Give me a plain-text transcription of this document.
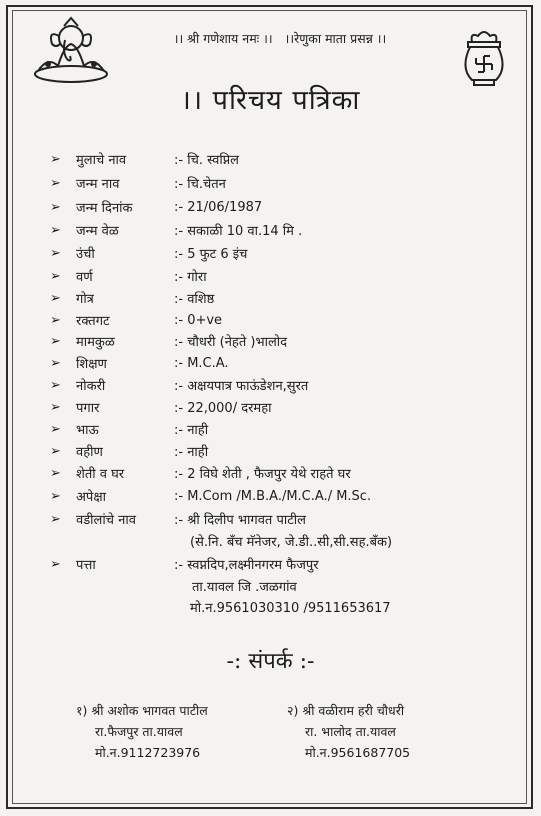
।। श्री गणेशाय नमः ।। ।।रेणुका माता प्रसन्न ।।
।। परिचय पत्रिका
➢	मुलाचे नाव	:- चि. स्वप्निल
➢	जन्म नाव	:- चि.चेतन
➢	जन्म दिनांक	:- 21/06/1987
➢	जन्म वेळ	:- सकाळी 10 वा.14 मि .
➢	उंची	:- 5 फुट 6 इंच
➢	वर्ण	:- गोरा
➢	गोत्र	:- वशिष्ठ
➢	रक्तगट	:- 0+ve
➢	मामकुळ	:- चौधरी (नेहते )भालोद
➢	शिक्षण	:- M.C.A.
➢	नोकरी	:- अक्षयपात्र फाऊंडेशन,सुरत
➢	पगार	:- 22,000/ दरमहा
➢	भाऊ	:- नाही
➢	वहीण	:- नाही
➢	शेती व घर	:- 2 विघे शेती , फैजपुर येथे राहते घर
➢	अपेक्षा	:- M.Com /M.B.A./M.C.A./ M.Sc.
➢	वडीलांचे नाव	:- श्री दिलीप भागवत पाटील
(से.नि. बँच मॅनेजर, जे.डी..सी,सी.सह.बँक)
➢	पत्ता	:- स्वप्नदिप,लक्ष्मीनगरम फैजपुर
ता.यावल जि .जळगांव
मो.न.9561030310 /9511653617
-: संपर्क :-
१) श्री अशोक भागवत पाटील
रा.फैजपुर ता.यावल
मो.न.9112723976
२) श्री वळीराम हरी चौधरी
रा. भालोद ता.यावल
मो.न.9561687705
